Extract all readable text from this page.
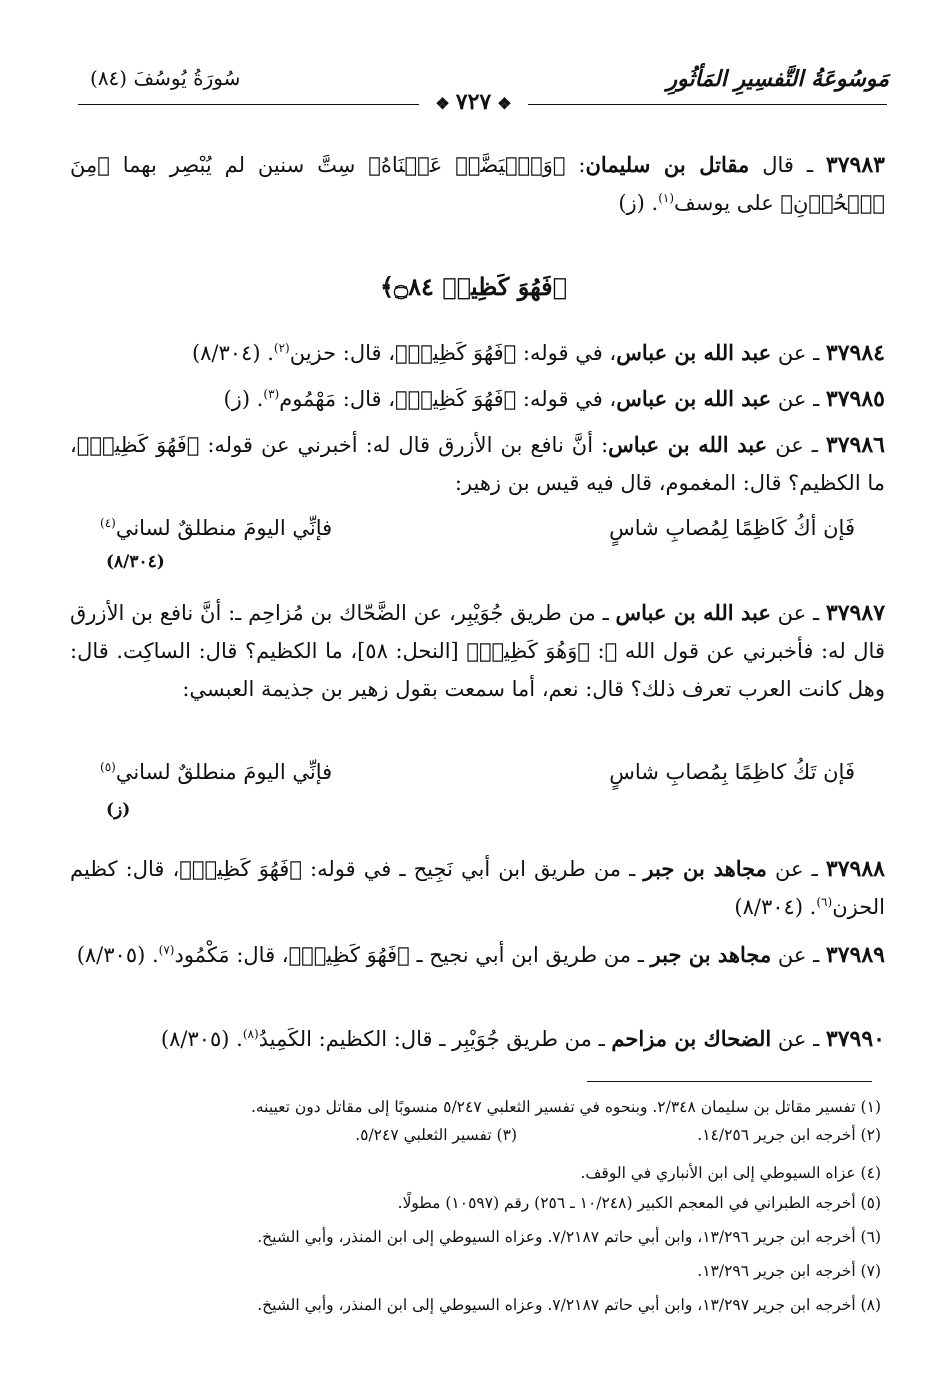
مَوسُوعَةُ التَّفسِيرِ المَأثُورِ
سُورَةُ يُوسُفَ (٨٤)
❖٧٢٧❖
٣٧٩٨٣ ـ قال مقاتل بن سليمان: ﴿وَٱبۡيَضَّتۡ عَيۡنَاهُ﴾ سِتَّ سنين لم يُبْصِر بهما ﴿مِنَ ٱلۡحُزۡنِ﴾ على يوسف$^{(١)}$. (ز)
﴿فَهُوَ كَظِيمٞ ۝٨٤﴾
٣٧٩٨٤ ـ عن عبد الله بن عباس، في قوله: ﴿فَهُوَ كَظِيمٞ﴾، قال: حزين$^{(٢)}$. (٨/٣٠٤)
٣٧٩٨٥ ـ عن عبد الله بن عباس، في قوله: ﴿فَهُوَ كَظِيمٞ﴾، قال: مَهْمُوم$^{(٣)}$. (ز)
٣٧٩٨٦ ـ عن عبد الله بن عباس: أنَّ نافع بن الأزرق قال له: أخبرني عن قوله: ﴿فَهُوَ كَظِيمٞ﴾، ما الكظيم؟ قال: المغموم، قال فيه قيس بن زهير:
فَإن أكُ كَاظِمًا لِمُصابِ شاسٍ
فإنِّي اليومَ منطلقٌ لساني$^{(٤)}$
(٨/٣٠٤)
٣٧٩٨٧ ـ عن عبد الله بن عباس ـ من طريق جُوَيْبِر، عن الضَّحّاك بن مُزاحِم ـ: أنَّ نافع بن الأزرق قال له: فأخبرني عن قول الله ﷻ: ﴿وَهُوَ كَظِيمٞ﴾ [النحل: ٥٨]، ما الكظيم؟ قال: الساكِت. قال: وهل كانت العرب تعرف ذلك؟ قال: نعم، أما سمعت بقول زهير بن جذيمة العبسي:
فَإن تَكُ كاظِمًا بِمُصابِ شاسٍ
فإنِّي اليومَ منطلقٌ لساني$^{(٥)}$
(ز)
٣٧٩٨٨ ـ عن مجاهد بن جبر ـ من طريق ابن أبي نَجِيح ـ في قوله: ﴿فَهُوَ كَظِيمٞ﴾، قال: كظيم الحزن$^{(٦)}$. (٨/٣٠٤)
٣٧٩٨٩ ـ عن مجاهد بن جبر ـ من طريق ابن أبي نجيح ـ ﴿فَهُوَ كَظِيمٞ﴾، قال: مَكْمُود$^{(٧)}$. (٨/٣٠٥)
٣٧٩٩٠ ـ عن الضحاك بن مزاحم ـ من طريق جُوَيْبِر ـ قال: الكظيم: الكَمِيدُ$^{(٨)}$. (٨/٣٠٥)
(١) تفسير مقاتل بن سليمان ٢/٣٤٨. وبنحوه في تفسير الثعلبي ٥/٢٤٧ منسوبًا إلى مقاتل دون تعيينه.
(٢) أخرجه ابن جرير ١٤/٢٥٦.
(٣) تفسير الثعلبي ٥/٢٤٧.
(٤) عزاه السيوطي إلى ابن الأنباري في الوقف.
(٥) أخرجه الطبراني في المعجم الكبير (١٠/٢٤٨ ـ ٢٥٦) رقم (١٠٥٩٧) مطولًا.
(٦) أخرجه ابن جرير ١٣/٢٩٦، وابن أبي حاتم ٧/٢١٨٧. وعزاه السيوطي إلى ابن المنذر، وأبي الشيخ.
(٧) أخرجه ابن جرير ١٣/٢٩٦.
(٨) أخرجه ابن جرير ١٣/٢٩٧، وابن أبي حاتم ٧/٢١٨٧. وعزاه السيوطي إلى ابن المنذر، وأبي الشيخ.
